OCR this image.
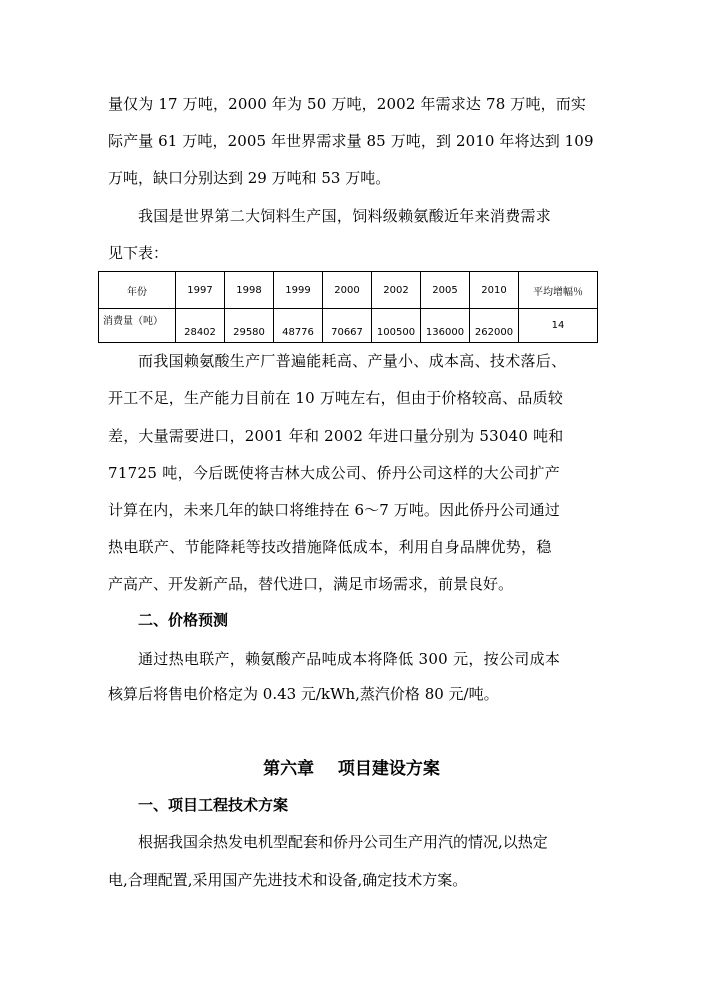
量仅为 17 万吨，2000 年为 50 万吨，2002 年需求达 78 万吨，而实
际产量 61 万吨，2005 年世界需求量 85 万吨，到 2010 年将达到 109
万吨，缺口分别达到 29 万吨和 53 万吨。
我国是世界第二大饲料生产国，饲料级赖氨酸近年来消费需求
见下表：
年份	1997	1998	1999	2000	2002	2005	2010	平均增幅％

消费量（吨）	28402	29580	48776	70667	100500	136000	262000	14
而我国赖氨酸生产厂普遍能耗高、产量小、成本高、技术落后、
开工不足，生产能力目前在 10 万吨左右，但由于价格较高、品质较
差，大量需要进口，2001 年和 2002 年进口量分别为 53040 吨和
71725 吨，今后既使将吉林大成公司、侨丹公司这样的大公司扩产
计算在内，未来几年的缺口将维持在 6～7 万吨。因此侨丹公司通过
热电联产、节能降耗等技改措施降低成本，利用自身品牌优势，稳
产高产、开发新产品，替代进口，满足市场需求，前景良好。
二、价格预测
通过热电联产，赖氨酸产品吨成本将降低 300 元，按公司成本
核算后将售电价格定为 0.43 元/kWh,蒸汽价格 80 元/吨。
第六章    项目建设方案
一、项目工程技术方案
根据我国余热发电机型配套和侨丹公司生产用汽的情况,以热定
电,合理配置,采用国产先进技术和设备,确定技术方案。
